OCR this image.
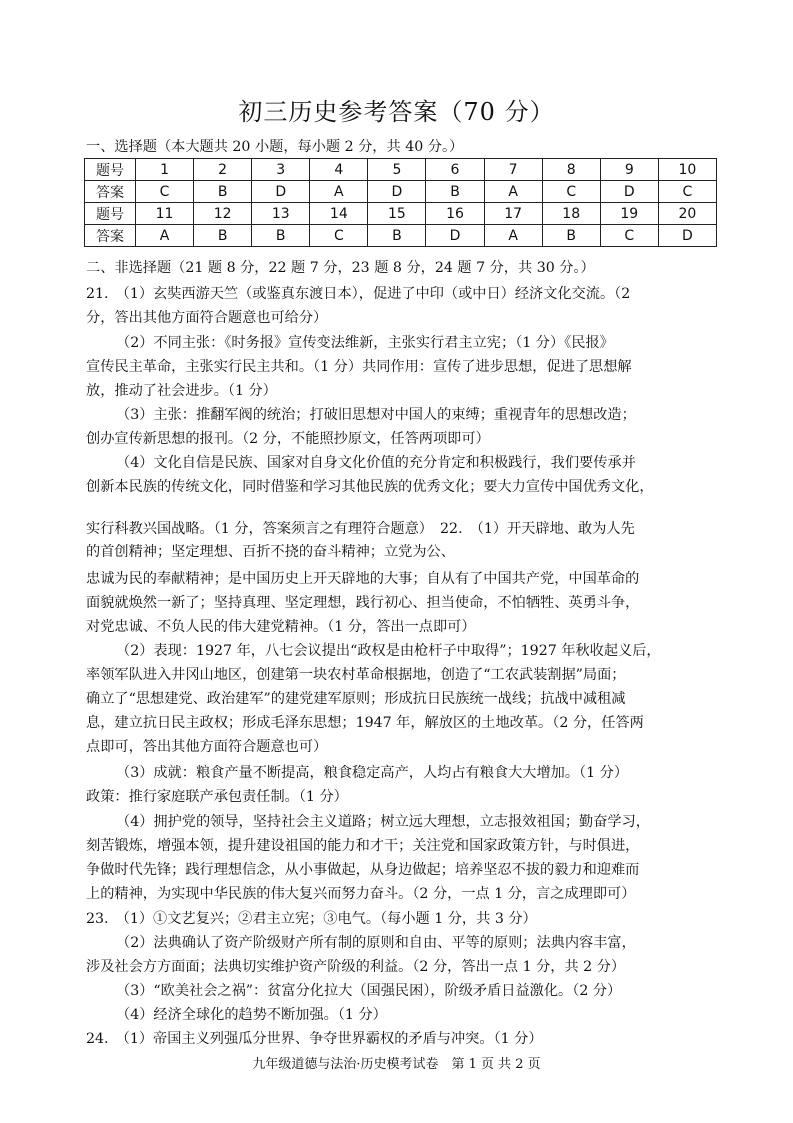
初三历史参考答案（70 分）
一、选择题（本大题共 20 小题，每小题 2 分，共 40 分。）
题号	1	2	3	4	5	6	7	8	9	10
答案	C	B	D	A	D	B	A	C	D	C
题号	11	12	13	14	15	16	17	18	19	20
答案	A	B	B	C	B	D	A	B	C	D
二、非选择题（21 题 8 分，22 题 7 分，23 题 8 分，24 题 7 分，共 30 分。）
21.　（1）玄奘西游天竺（或鉴真东渡日本），促进了中印（或中日）经济文化交流。（2
分，答出其他方面符合题意也可给分）
（2）不同主张：《时务报》宣传变法维新，主张实行君主立宪；（1 分）《民报》
宣传民主革命，主张实行民主共和。（1 分）共同作用：宣传了进步思想，促进了思想解
放，推动了社会进步。（1 分）
（3）主张：推翻军阀的统治；打破旧思想对中国人的束缚；重视青年的思想改造；
创办宣传新思想的报刊。（2 分，不能照抄原文，任答两项即可）
（4）文化自信是民族、国家对自身文化价值的充分肯定和积极践行，我们要传承并
创新本民族的传统文化，同时借鉴和学习其他民族的优秀文化；要大力宣传中国优秀文化，
实行科教兴国战略。（1 分，答案须言之有理符合题意）　22.　（1）开天辟地、敢为人先
的首创精神；坚定理想、百折不挠的奋斗精神；立党为公、
忠诚为民的奉献精神；是中国历史上开天辟地的大事；自从有了中国共产党，中国革命的
面貌就焕然一新了；坚持真理、坚定理想，践行初心、担当使命，不怕牺牲、英勇斗争，
对党忠诚、不负人民的伟大建党精神。（1 分，答出一点即可）
（2）表现：1927 年，八七会议提出“政权是由枪杆子中取得”；1927 年秋收起义后，
率领军队进入井冈山地区，创建第一块农村革命根据地，创造了“工农武装割据”局面；
确立了“思想建党、政治建军”的建党建军原则；形成抗日民族统一战线；抗战中减租减
息，建立抗日民主政权；形成毛泽东思想；1947 年，解放区的土地改革。（2 分，任答两
点即可，答出其他方面符合题意也可）
（3）成就：粮食产量不断提高，粮食稳定高产，人均占有粮食大大增加。（1 分）
政策：推行家庭联产承包责任制。（1 分）
（4）拥护党的领导，坚持社会主义道路；树立远大理想，立志报效祖国；勤奋学习，
刻苦锻炼，增强本领，提升建设祖国的能力和才干；关注党和国家政策方针，与时俱进，
争做时代先锋；践行理想信念，从小事做起，从身边做起；培养坚忍不拔的毅力和迎难而
上的精神，为实现中华民族的伟大复兴而努力奋斗。（2 分，一点 1 分，言之成理即可）
23.　（1）①文艺复兴；②君主立宪；③电气。（每小题 1 分，共 3 分）
（2）法典确认了资产阶级财产所有制的原则和自由、平等的原则；法典内容丰富，
涉及社会方方面面；法典切实维护资产阶级的利益。（2 分，答出一点 1 分，共 2 分）
（3）“欧美社会之祸”：贫富分化拉大（国强民困），阶级矛盾日益激化。（2 分）
（4）经济全球化的趋势不断加强。（1 分）
24.　（1）帝国主义列强瓜分世界、争夺世界霸权的矛盾与冲突。（1 分）
九年级道德与法治·历史模考试卷　第 1 页 共 2 页
